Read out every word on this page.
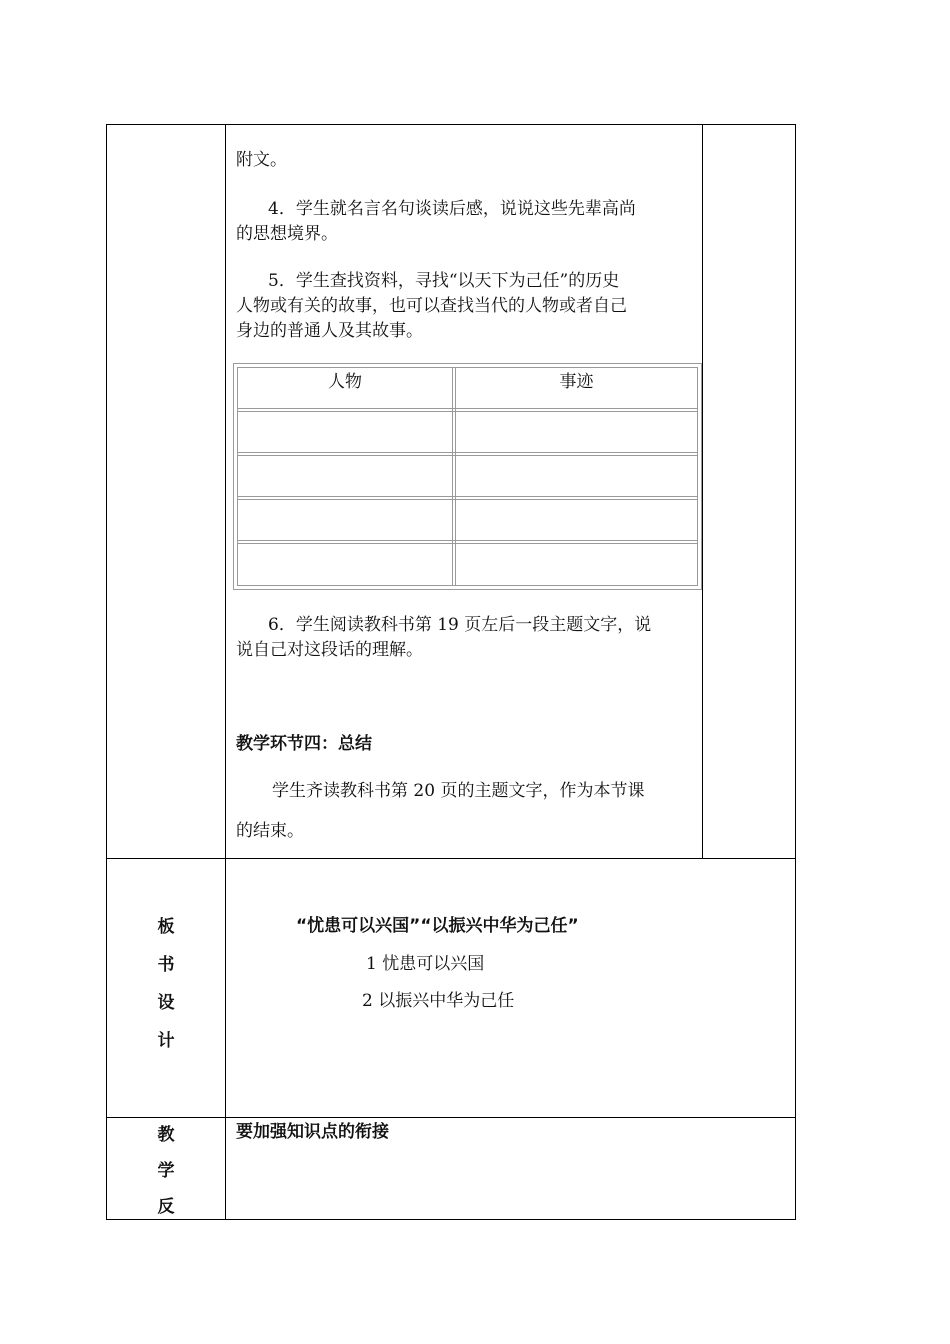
附文。
4．学生就名言名句谈读后感，说说这些先辈高尚
的思想境界。
5．学生查找资料，寻找“以天下为己任”的历史
人物或有关的故事，也可以查找当代的人物或者自己
身边的普通人及其故事。
人物	事迹
6．学生阅读教科书第 19 页左后一段主题文字，说
说自己对这段话的理解。
教学环节四：总结
学生齐读教科书第 20 页的主题文字，作为本节课
的结束。
板
书
设
计
“忧患可以兴国”“以振兴中华为己任”
1 忧患可以兴国
2 以振兴中华为己任
教
学
反
要加强知识点的衔接
